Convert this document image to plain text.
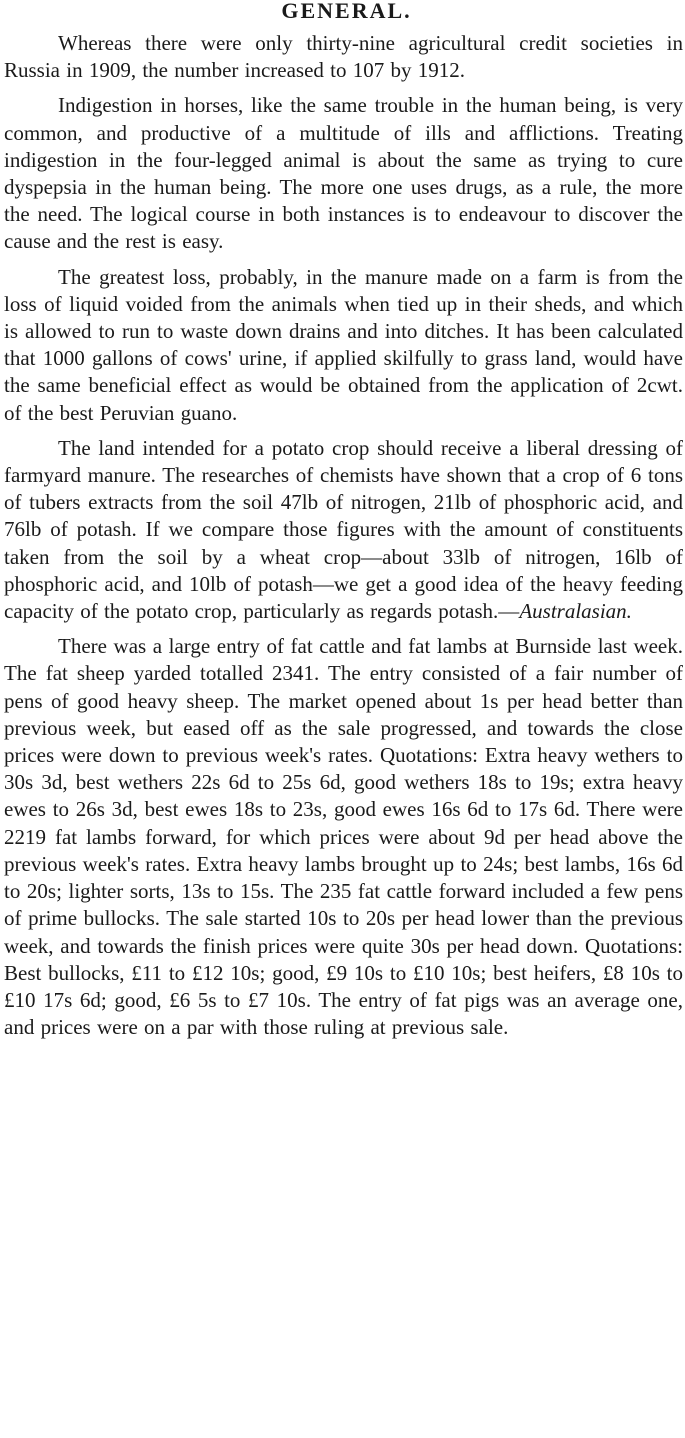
GENERAL.

Whereas there were only thirty-nine agricultural credit societies in Russia in 1909, the number increased to 107 by 1912.

Indigestion in horses, like the same trouble in the human being, is very common, and productive of a multitude of ills and afflictions. Treating indigestion in the four-legged animal is about the same as trying to cure dyspepsia in the human being. The more one uses drugs, as a rule, the more the need. The logical course in both instances is to endeavour to discover the cause and the rest is easy.

The greatest loss, probably, in the manure made on a farm is from the loss of liquid voided from the animals when tied up in their sheds, and which is allowed to run to waste down drains and into ditches. It has been calculated that 1000 gallons of cows' urine, if applied skilfully to grass land, would have the same beneficial effect as would be obtained from the application of 2cwt. of the best Peruvian guano.

The land intended for a potato crop should receive a liberal dressing of farmyard manure. The researches of chemists have shown that a crop of 6 tons of tubers extracts from the soil 47lb of nitrogen, 21lb of phosphoric acid, and 76lb of potash. If we compare those figures with the amount of constituents taken from the soil by a wheat crop—about 33lb of nitrogen, 16lb of phosphoric acid, and 10lb of potash—we get a good idea of the heavy feeding capacity of the potato crop, particularly as regards potash.—Australasian.

There was a large entry of fat cattle and fat lambs at Burnside last week. The fat sheep yarded totalled 2341. The entry consisted of a fair number of pens of good heavy sheep. The market opened about 1s per head better than previous week, but eased off as the sale progressed, and towards the close prices were down to previous week's rates. Quotations: Extra heavy wethers to 30s 3d, best wethers 22s 6d to 25s 6d, good wethers 18s to 19s; extra heavy ewes to 26s 3d, best ewes 18s to 23s, good ewes 16s 6d to 17s 6d. There were 2219 fat lambs forward, for which prices were about 9d per head above the previous week's rates. Extra heavy lambs brought up to 24s; best lambs, 16s 6d to 20s; lighter sorts, 13s to 15s. The 235 fat cattle forward included a few pens of prime bullocks. The sale started 10s to 20s per head lower than the previous week, and towards the finish prices were quite 30s per head down. Quotations: Best bullocks, £11 to £12 10s; good, £9 10s to £10 10s; best heifers, £8 10s to £10 17s 6d; good, £6 5s to £7 10s. The entry of fat pigs was an average one, and prices were on a par with those ruling at previous sale.
